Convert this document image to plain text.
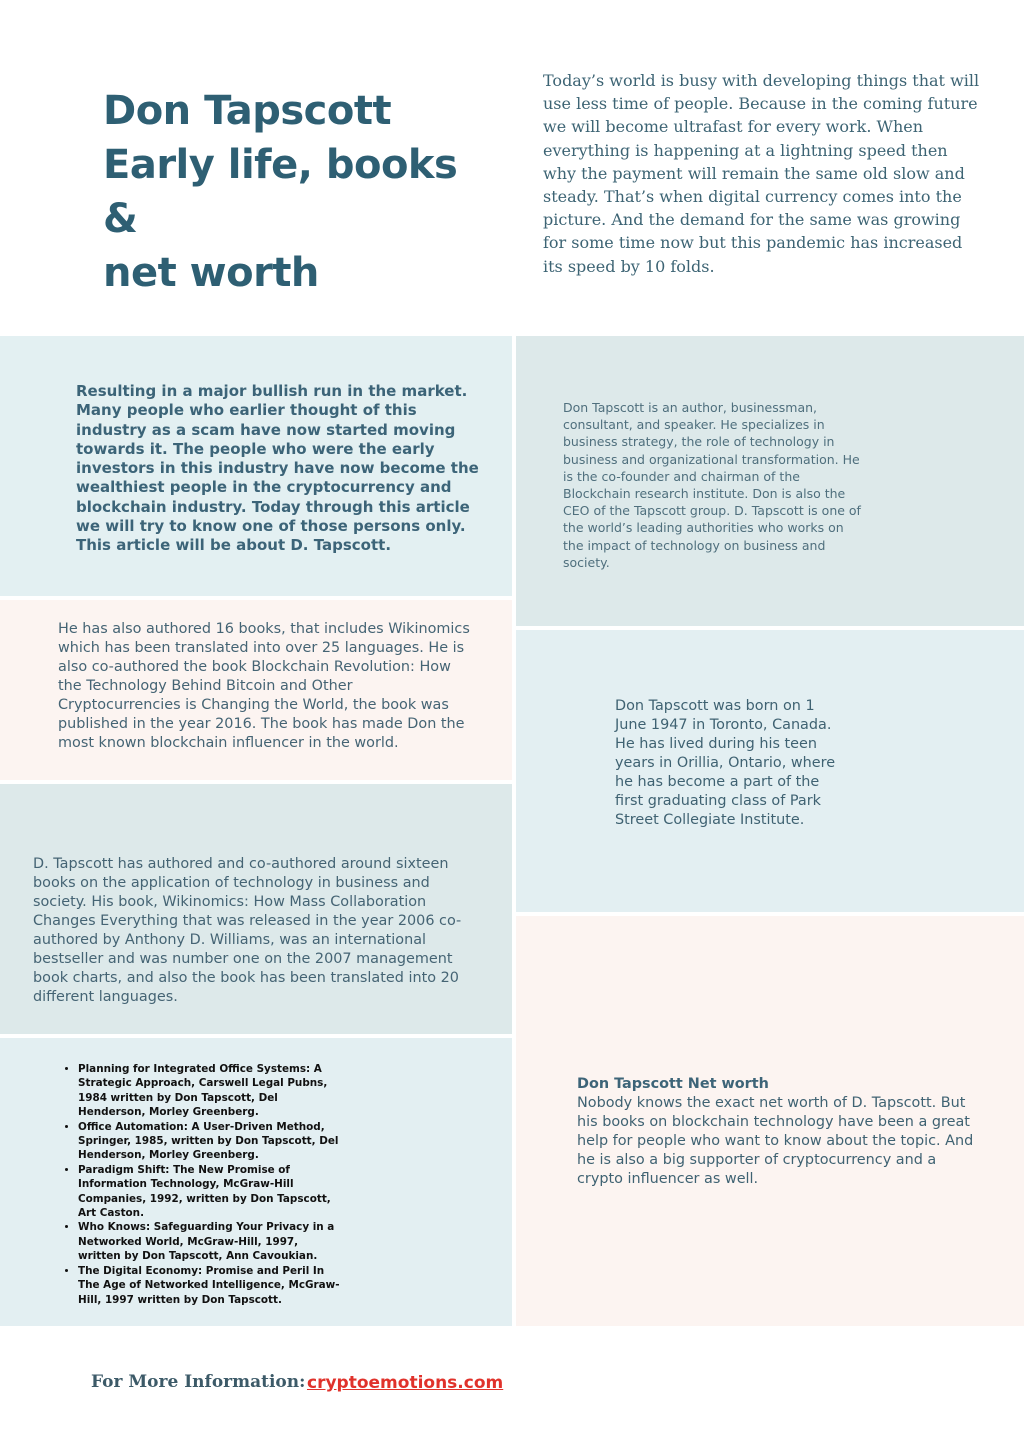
Don Tapscott
Early life, books &
net worth
Today’s world is busy with developing things that will use less time of people. Because in the coming future we will become ultrafast for every work. When everything is happening at a lightning speed then why the payment will remain the same old slow and steady. That’s when digital currency comes into the picture. And the demand for the same was growing for some time now but this pandemic has increased its speed by 10 folds.
Resulting in a major bullish run in the market. Many people who earlier thought of this industry as a scam have now started moving towards it. The people who were the early investors in this industry have now become the wealthiest people in the cryptocurrency and blockchain industry. Today through this article we will try to know one of those persons only. This article will be about D. Tapscott.
Don Tapscott is an author, businessman, consultant, and speaker. He specializes in business strategy, the role of technology in business and organizational transformation. He is the co-founder and chairman of the Blockchain research institute. Don is also the CEO of the Tapscott group. D. Tapscott is one of the world’s leading authorities who works on the impact of technology on business and society.
He has also authored 16 books, that includes Wikinomics which has been translated into over 25 languages. He is also co-authored the book Blockchain Revolution: How the Technology Behind Bitcoin and Other Cryptocurrencies is Changing the World, the book was published in the year 2016. The book has made Don the most known blockchain influencer in the world.
Don Tapscott was born on 1 June 1947 in Toronto, Canada. He has lived during his teen years in Orillia, Ontario, where he has become a part of the first graduating class of Park Street Collegiate Institute.
D. Tapscott has authored and co-authored around sixteen books on the application of technology in business and society. His book, Wikinomics: How Mass Collaboration Changes Everything that was released in the year 2006 co-authored by Anthony D. Williams, was an international bestseller and was number one on the 2007 management book charts, and also the book has been translated into 20 different languages.
Don Tapscott Net worth
Nobody knows the exact net worth of D. Tapscott. But his books on blockchain technology have been a great help for people who want to know about the topic. And he is also a big supporter of cryptocurrency and a crypto influencer as well.
• Planning for Integrated Office Systems: A Strategic Approach, Carswell Legal Pubns, 1984 written by Don Tapscott, Del Henderson, Morley Greenberg.
• Office Automation: A User-Driven Method, Springer, 1985, written by Don Tapscott, Del Henderson, Morley Greenberg.
• Paradigm Shift: The New Promise of Information Technology, McGraw-Hill Companies, 1992, written by Don Tapscott, Art Caston.
• Who Knows: Safeguarding Your Privacy in a Networked World, McGraw-Hill, 1997, written by Don Tapscott, Ann Cavoukian.
• The Digital Economy: Promise and Peril In The Age of Networked Intelligence, McGraw-Hill, 1997 written by Don Tapscott.
For More Information: cryptoemotions.com
